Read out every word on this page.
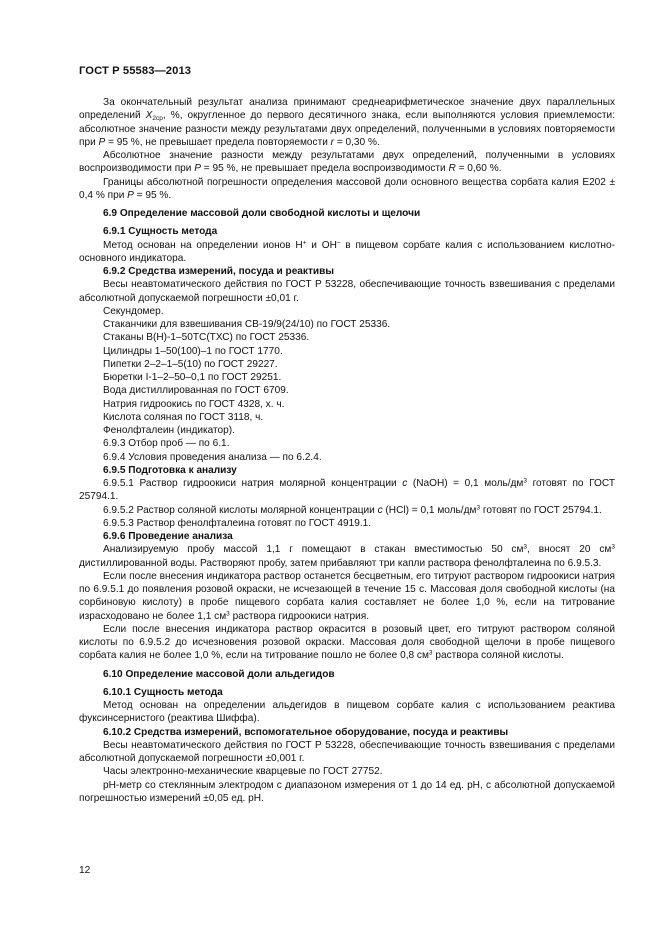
ГОСТ Р 55583—2013

За окончательный результат анализа принимают среднеарифметическое значение двух параллельных определений $X_{2ср}$, %, округленное до первого десятичного знака, если выполняются условия приемлемости: абсолютное значение разности между результатами двух определений, полученными в условиях повторяемости при P = 95 %, не превышает предела повторяемости r = 0,30 %.

Абсолютное значение разности между результатами двух определений, полученными в условиях воспроизводимости при P = 95 %, не превышает предела воспроизводимости R = 0,60 %.

Границы абсолютной погрешности определения массовой доли основного вещества сорбата калия Е202 ± 0,4 % при P = 95 %.

6.9 Определение массовой доли свободной кислоты и щелочи

6.9.1 Сущность метода

Метод основан на определении ионов Н+ и ОН– в пищевом сорбате калия с использованием кислотно-основного индикатора.

6.9.2 Средства измерений, посуда и реактивы

Весы неавтоматического действия по ГОСТ Р 53228, обеспечивающие точность взвешивания с пределами абсолютной допускаемой погрешности ±0,01 г.

Секундомер.

Стаканчики для взвешивания СВ-19/9(24/10) по ГОСТ 25336.

Стаканы В(Н)-1–50ТС(ТХС) по ГОСТ 25336.

Цилиндры 1–50(100)–1 по ГОСТ 1770.

Пипетки 2–2–1–5(10) по ГОСТ 29227.

Бюретки I-1–2–50–0,1 по ГОСТ 29251.

Вода дистиллированная по ГОСТ 6709.

Натрия гидроокись по ГОСТ 4328, х. ч.

Кислота соляная по ГОСТ 3118, ч.

Фенолфталеин (индикатор).

6.9.3 Отбор проб — по 6.1.

6.9.4 Условия проведения анализа — по 6.2.4.

6.9.5 Подготовка к анализу

6.9.5.1 Раствор гидроокиси натрия молярной концентрации с (NaOH) = 0,1 моль/$дм^3$ готовят по ГОСТ 25794.1.

6.9.5.2 Раствор соляной кислоты молярной концентрации с (HCl) = 0,1 моль/$дм^3$ готовят по ГОСТ 25794.1.

6.9.5.3 Раствор фенолфталеина готовят по ГОСТ 4919.1.

6.9.6 Проведение анализа

Анализируемую пробу массой 1,1 г помещают в стакан вместимостью 50 $см^3$, вносят 20 $см^3$ дистиллированной воды. Растворяют пробу, затем прибавляют три капли раствора фенолфталеина по 6.9.5.3.

Если после внесения индикатора раствор останется бесцветным, его титруют раствором гидроокиси натрия по 6.9.5.1 до появления розовой окраски, не исчезающей в течение 15 с. Массовая доля свободной кислоты (на сорбиновую кислоту) в пробе пищевого сорбата калия составляет не более 1,0 %, если на титрование израсходовано не более 1,1 $см^3$ раствора гидроокиси натрия.

Если после внесения индикатора раствор окрасится в розовый цвет, его титруют раствором соляной кислоты по 6.9.5.2 до исчезновения розовой окраски. Массовая доля свободной щелочи в пробе пищевого сорбата калия не более 1,0 %, если на титрование пошло не более 0,8 $см^3$ раствора соляной кислоты.

6.10 Определение массовой доли альдегидов

6.10.1 Сущность метода

Метод основан на определении альдегидов в пищевом сорбате калия с использованием реактива фуксинсернистого (реактива Шиффа).

6.10.2 Средства измерений, вспомогательное оборудование, посуда и реактивы

Весы неавтоматического действия по ГОСТ Р 53228, обеспечивающие точность взвешивания с пределами абсолютной допускаемой погрешности ±0,001 г.

Часы электронно-механические кварцевые по ГОСТ 27752.

рН-метр со стеклянным электродом с диапазоном измерения от 1 до 14 ед. рН, с абсолютной допускаемой погрешностью измерений ±0,05 ед. рН.

12
